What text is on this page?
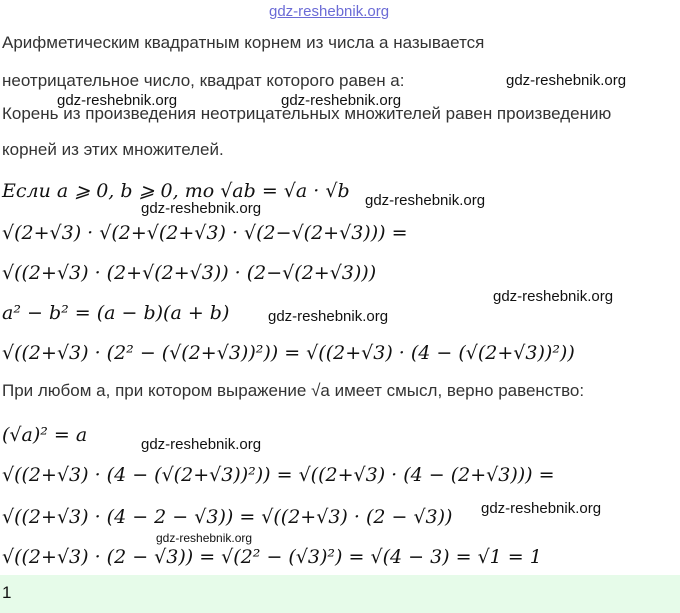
Арифметическим квадратным корнем из числа a называется
неотрицательное число, квадрат которого равен a:
Корень из произведения неотрицательных множителей равен произведению
корней из этих множителей.
Если a ⩾ 0, b ⩾ 0, то √ab = √a · √b
√(2+√3) · √(2+√(2+√3) · √(2−√(2+√3))) =
√((2+√3) · (2+√(2+√3)) · (2−√(2+√3)))
a² − b² = (a − b)(a + b)
√((2+√3) · (2² − (√(2+√3))²)) = √((2+√3) · (4 − (√(2+√3))²))
При любом a, при котором выражение √a имеет смысл, верно равенство:
(√a)² = a
√((2+√3) · (4 − (√(2+√3))²)) = √((2+√3) · (4 − (2+√3))) =
√((2+√3) · (4 − 2 − √3)) = √((2+√3) · (2 − √3))
√((2+√3) · (2 − √3)) = √(2² − (√3)²) = √(4 − 3) = √1 = 1
gdz-reshebnik.org
gdz-reshebnik.org
gdz-reshebnik.org	gdz-reshebnik.org
gdz-reshebnik.org
gdz-reshebnik.org
gdz-reshebnik.org
gdz-reshebnik.org
gdz-reshebnik.org
gdz-reshebnik.org
gdz-reshebnik.org
1
